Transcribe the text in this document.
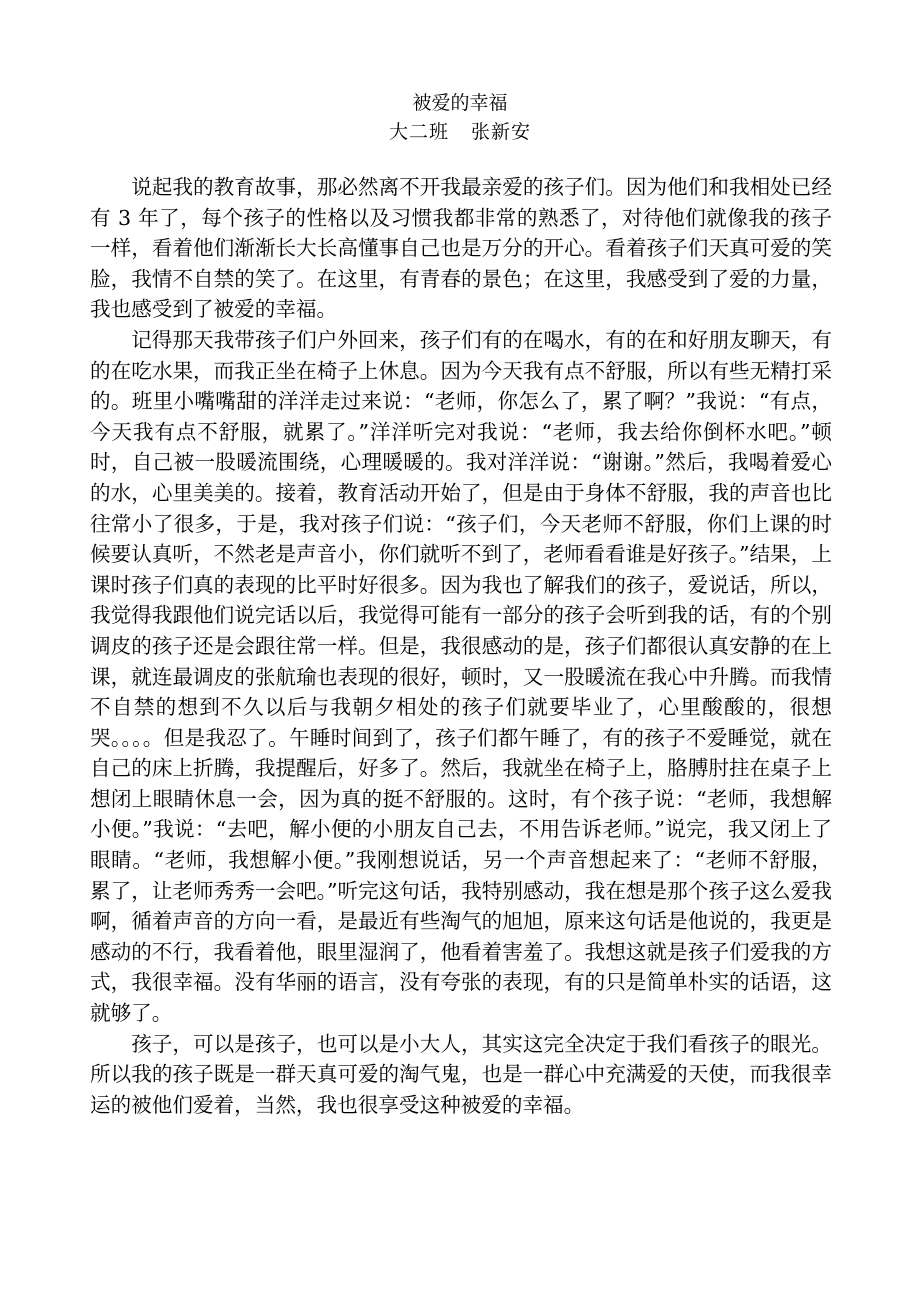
被爱的幸福
大二班 张新安

说起我的教育故事，那必然离不开我最亲爱的孩子们。因为他们和我相处已经有 3 年了，每个孩子的性格以及习惯我都非常的熟悉了，对待他们就像我的孩子一样，看着他们渐渐长大长高懂事自己也是万分的开心。看着孩子们天真可爱的笑脸，我情不自禁的笑了。在这里，有青春的景色；在这里，我感受到了爱的力量，我也感受到了被爱的幸福。

记得那天我带孩子们户外回来，孩子们有的在喝水，有的在和好朋友聊天，有的在吃水果，而我正坐在椅子上休息。因为今天我有点不舒服，所以有些无精打采的。班里小嘴嘴甜的洋洋走过来说：“老师，你怎么了，累了啊？”我说：“有点，今天我有点不舒服，就累了。”洋洋听完对我说：“老师，我去给你倒杯水吧。”顿时，自己被一股暖流围绕，心理暖暖的。我对洋洋说：“谢谢。”然后，我喝着爱心的水，心里美美的。接着，教育活动开始了，但是由于身体不舒服，我的声音也比往常小了很多，于是，我对孩子们说：“孩子们，今天老师不舒服，你们上课的时候要认真听，不然老是声音小，你们就听不到了，老师看看谁是好孩子。”结果，上课时孩子们真的表现的比平时好很多。因为我也了解我们的孩子，爱说话，所以，我觉得我跟他们说完话以后，我觉得可能有一部分的孩子会听到我的话，有的个别调皮的孩子还是会跟往常一样。但是，我很感动的是，孩子们都很认真安静的在上课，就连最调皮的张航瑜也表现的很好，顿时，又一股暖流在我心中升腾。而我情不自禁的想到不久以后与我朝夕相处的孩子们就要毕业了，心里酸酸的，很想哭。。。。但是我忍了。午睡时间到了，孩子们都午睡了，有的孩子不爱睡觉，就在自己的床上折腾，我提醒后，好多了。然后，我就坐在椅子上，胳膊肘拄在桌子上想闭上眼睛休息一会，因为真的挺不舒服的。这时，有个孩子说：“老师，我想解小便。”我说：“去吧，解小便的小朋友自己去，不用告诉老师。”说完，我又闭上了眼睛。“老师，我想解小便。”我刚想说话，另一个声音想起来了：“老师不舒服，累了，让老师秀秀一会吧。”听完这句话，我特别感动，我在想是那个孩子这么爱我啊，循着声音的方向一看，是最近有些淘气的旭旭，原来这句话是他说的，我更是感动的不行，我看着他，眼里湿润了，他看着害羞了。我想这就是孩子们爱我的方式，我很幸福。没有华丽的语言，没有夸张的表现，有的只是简单朴实的话语，这就够了。

孩子，可以是孩子，也可以是小大人，其实这完全决定于我们看孩子的眼光。所以我的孩子既是一群天真可爱的淘气鬼，也是一群心中充满爱的天使，而我很幸运的被他们爱着，当然，我也很享受这种被爱的幸福。
